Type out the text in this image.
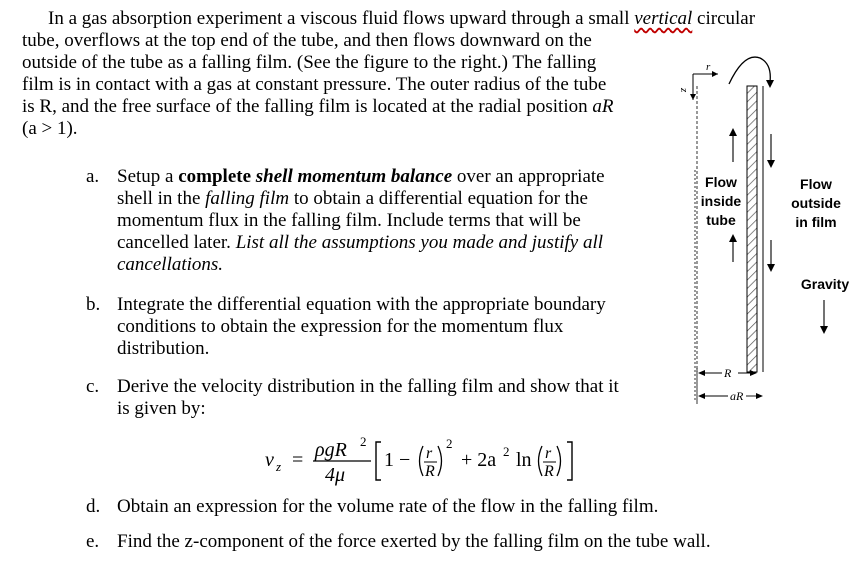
In a gas absorption experiment a viscous fluid flows upward through a small vertical circular
tube, overflows at the top end of the tube, and then flows downward on the
outside of the tube as a falling film. (See the figure to the right.) The falling
film is in contact with a gas at constant pressure. The outer radius of the tube
is R, and the free surface of the falling film is located at the radial position aR
(a > 1).
a. Setup a complete shell momentum balance over an appropriate
shell in the falling film to obtain a differential equation for the
momentum flux in the falling film. Include terms that will be
cancelled later. List all the assumptions you made and justify all
cancellations.
b. Integrate the differential equation with the appropriate boundary
conditions to obtain the expression for the momentum flux
distribution.
c. Derive the velocity distribution in the falling film and show that it
is given by:
v z = ρgR 2
4μ
1 − r
R
2
+ 2a 2 ln r
R
d. Obtain an expression for the volume rate of the flow in the falling film.
e. Find the z-component of the force exerted by the falling film on the tube wall.
r
z
R
aR
Flow
inside
tube
Flow
outside
in film
Gravity
